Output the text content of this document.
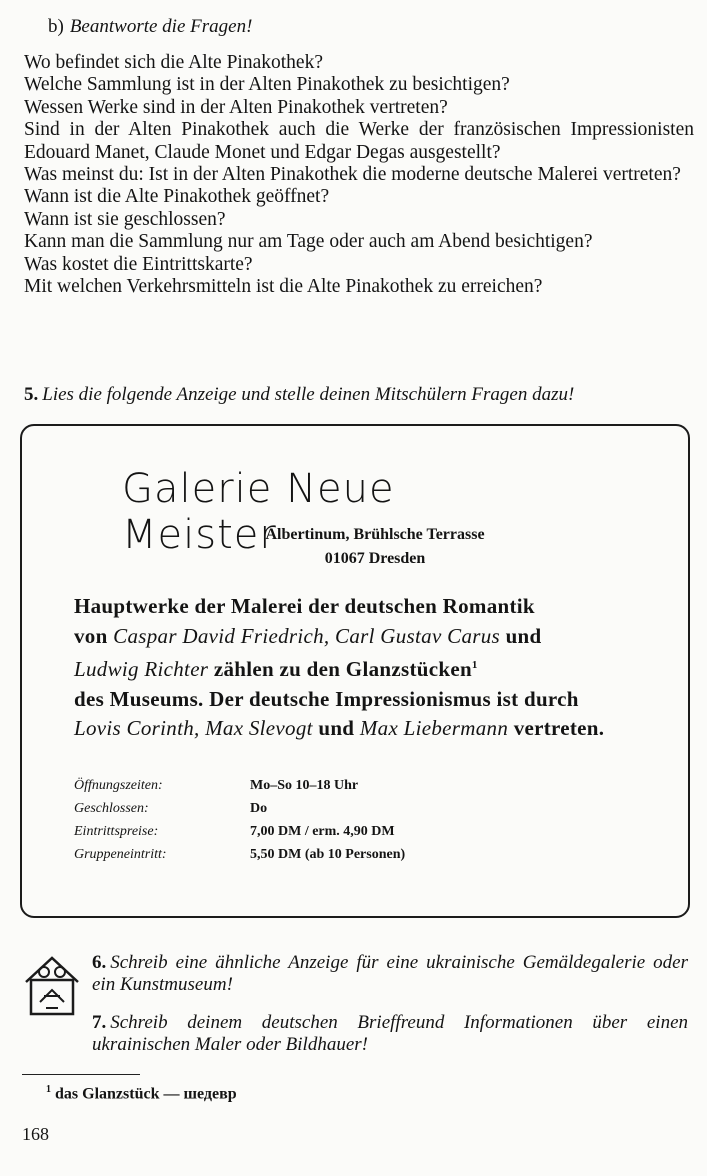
b) Beantworte die Fragen!
Wo befindet sich die Alte Pinakothek?
Welche Sammlung ist in der Alten Pinakothek zu besichtigen?
Wessen Werke sind in der Alten Pinakothek vertreten?
Sind in der Alten Pinakothek auch die Werke der französischen Impressionisten Edouard Manet, Claude Monet und Edgar Degas ausgestellt?
Was meinst du: Ist in der Alten Pinakothek die moderne deutsche Malerei vertreten?
Wann ist die Alte Pinakothek geöffnet?
Wann ist sie geschlossen?
Kann man die Sammlung nur am Tage oder auch am Abend besichtigen?
Was kostet die Eintrittskarte?
Mit welchen Verkehrsmitteln ist die Alte Pinakothek zu erreichen?
5. Lies die folgende Anzeige und stelle deinen Mitschülern Fragen dazu!
Galerie Neue Meister
Albertinum, Brühlsche Terrasse
01067 Dresden
Hauptwerke der Malerei der deutschen Romantik
von Caspar David Friedrich, Carl Gustav Carus und
Ludwig Richter zählen zu den Glanzstücken$^1$
des Museums. Der deutsche Impressionismus ist durch
Lovis Corinth, Max Slevogt und Max Liebermann vertreten.
Öffnungszeiten:	Mo–So 10–18 Uhr
Geschlossen:	Do
Eintrittspreise:	7,00 DM / erm. 4,90 DM
Gruppeneintritt:	5,50 DM (ab 10 Personen)
6. Schreib eine ähnliche Anzeige für eine ukrainische Gemäldegalerie oder ein Kunstmuseum!
7. Schreib deinem deutschen Brieffreund Informationen über einen ukrainischen Maler oder Bildhauer!
$^1$ das Glanzstück — шедевр
168
